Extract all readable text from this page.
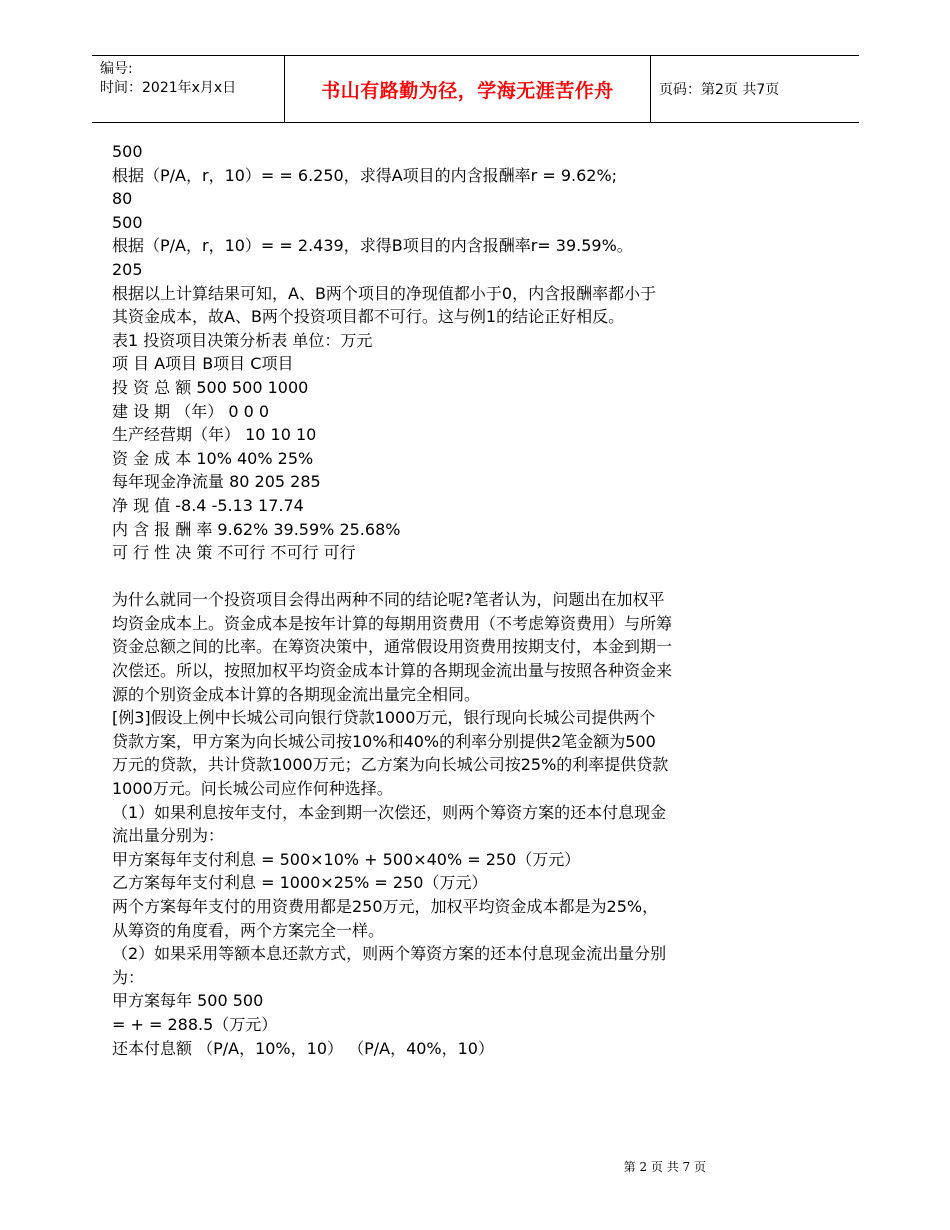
编号:
时间：2021年x月x日	书山有路勤为径，学海无涯苦作舟	页码：第2页 共7页
500
根据（P/A，r，10）= = 6.250，求得A项目的内含报酬率r = 9.62%;
80
500
根据（P/A，r，10）= = 2.439，求得B项目的内含报酬率r= 39.59%。
205
根据以上计算结果可知，A、B两个项目的净现值都小于0，内含报酬率都小于
其资金成本，故A、B两个投资项目都不可行。这与例1的结论正好相反。
表1 投资项目决策分析表 单位：万元
项 目 A项目 B项目 C项目
投 资 总 额 500 500 1000
建 设 期 （年） 0 0 0
生产经营期（年） 10 10 10
资 金 成 本 10% 40% 25%
每年现金净流量 80 205 285
净 现 值 -8.4 -5.13 17.74
内 含 报 酬 率 9.62% 39.59% 25.68%
可 行 性 决 策 不可行 不可行 可行
为什么就同一个投资项目会得出两种不同的结论呢?笔者认为，问题出在加权平
均资金成本上。资金成本是按年计算的每期用资费用（不考虑筹资费用）与所筹
资金总额之间的比率。在筹资决策中，通常假设用资费用按期支付，本金到期一
次偿还。所以，按照加权平均资金成本计算的各期现金流出量与按照各种资金来
源的个别资金成本计算的各期现金流出量完全相同。
[例3]假设上例中长城公司向银行贷款1000万元，银行现向长城公司提供两个
贷款方案，甲方案为向长城公司按10%和40%的利率分别提供2笔金额为500
万元的贷款，共计贷款1000万元；乙方案为向长城公司按25%的利率提供贷款
1000万元。问长城公司应作何种选择。
（1）如果利息按年支付，本金到期一次偿还，则两个筹资方案的还本付息现金
流出量分别为：
甲方案每年支付利息 = 500×10% + 500×40% = 250（万元）
乙方案每年支付利息 = 1000×25% = 250（万元）
两个方案每年支付的用资费用都是250万元，加权平均资金成本都是为25%，
从筹资的角度看，两个方案完全一样。
（2）如果采用等额本息还款方式，则两个筹资方案的还本付息现金流出量分别
为：
甲方案每年 500 500
= + = 288.5（万元）
还本付息额 （P/A，10%，10） （P/A，40%，10）
第 2 页 共 7 页
